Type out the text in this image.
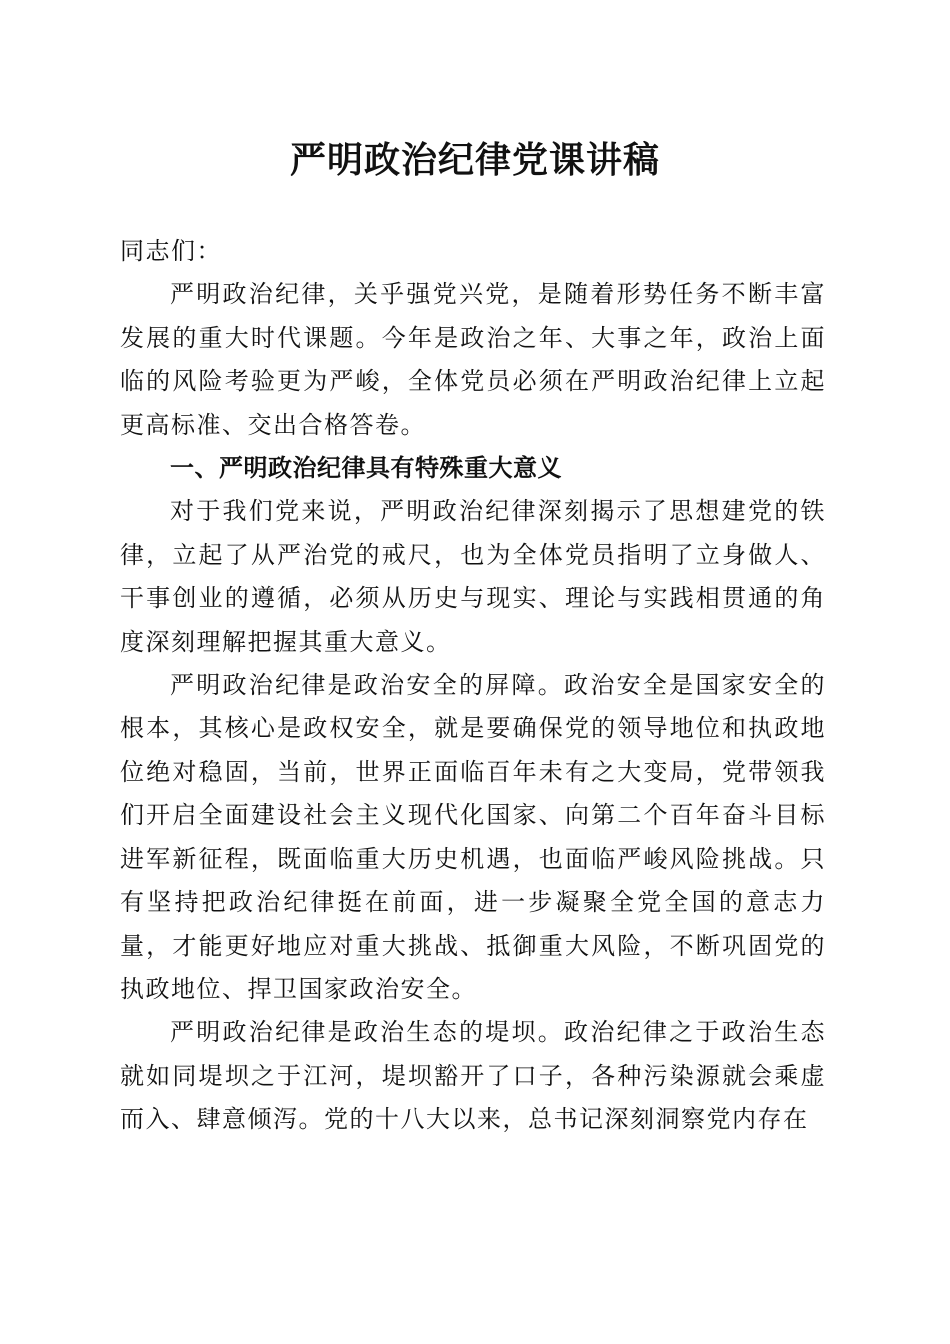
严明政治纪律党课讲稿

同志们：

严明政治纪律，关乎强党兴党，是随着形势任务不断丰富发展的重大时代课题。今年是政治之年、大事之年，政治上面临的风险考验更为严峻，全体党员必须在严明政治纪律上立起更高标准、交出合格答卷。

一、严明政治纪律具有特殊重大意义

对于我们党来说，严明政治纪律深刻揭示了思想建党的铁律，立起了从严治党的戒尺，也为全体党员指明了立身做人、干事创业的遵循，必须从历史与现实、理论与实践相贯通的角度深刻理解把握其重大意义。

严明政治纪律是政治安全的屏障。政治安全是国家安全的根本，其核心是政权安全，就是要确保党的领导地位和执政地位绝对稳固，当前，世界正面临百年未有之大变局，党带领我们开启全面建设社会主义现代化国家、向第二个百年奋斗目标进军新征程，既面临重大历史机遇，也面临严峻风险挑战。只有坚持把政治纪律挺在前面，进一步凝聚全党全国的意志力量，才能更好地应对重大挑战、抵御重大风险，不断巩固党的执政地位、捍卫国家政治安全。

严明政治纪律是政治生态的堤坝。政治纪律之于政治生态就如同堤坝之于江河，堤坝豁开了口子，各种污染源就会乘虚而入、肆意倾泻。党的十八大以来，总书记深刻洞察党内存在
